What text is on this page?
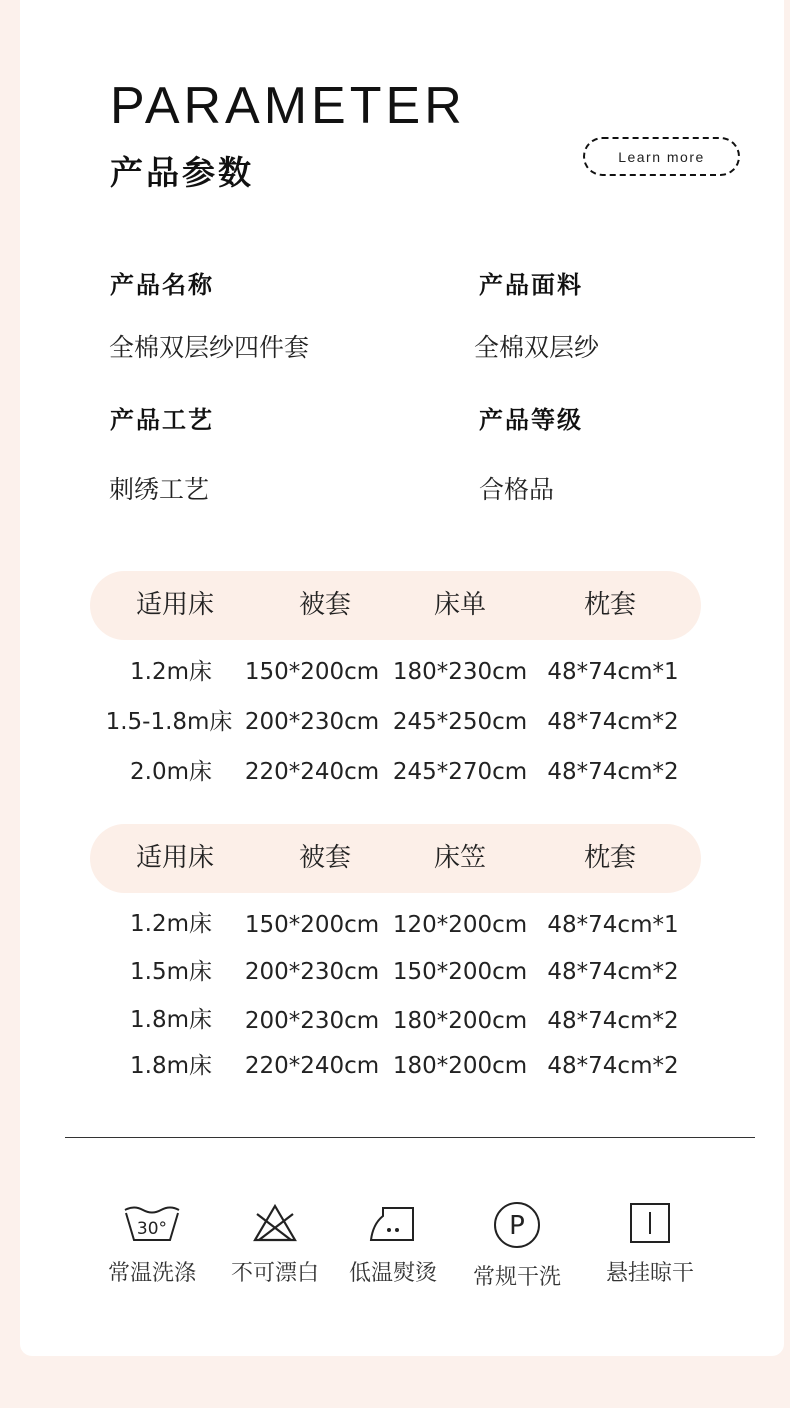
PARAMETER
产品参数	Learn more
产品名称
全棉双层纱四件套
产品面料
全棉双层纱
产品工艺
刺绣工艺
产品等级
合格品
适用床	被套	床单	枕套
1.2m床 150*200cm 180*230cm 48*74cm*1
1.5-1.8m床 200*230cm 245*250cm 48*74cm*2
2.0m床 220*240cm 245*270cm 48*74cm*2
适用床	被套	床笠	枕套
1.2m床 150*200cm 120*200cm 48*74cm*1
1.5m床 200*230cm 150*200cm 48*74cm*2
1.8m床 200*230cm 180*200cm 48*74cm*2
1.8m床 220*240cm 180*200cm 48*74cm*2
30°
常温洗涤	不可漂白	低温熨烫
P
常规干洗	悬挂晾干
